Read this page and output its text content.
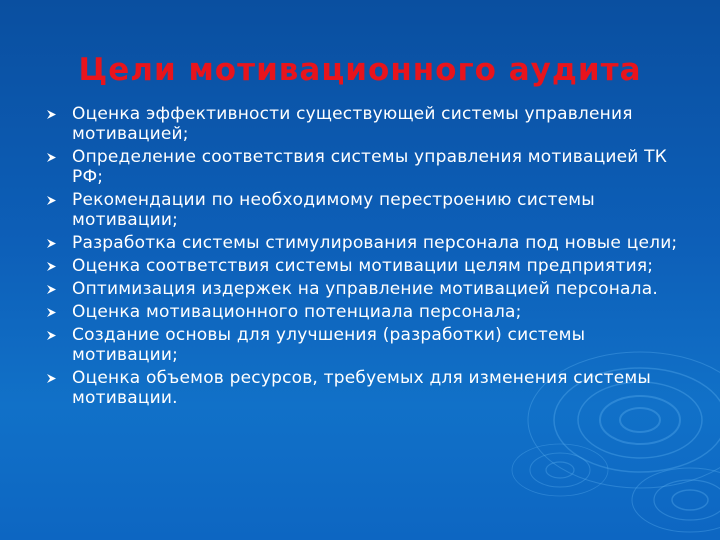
Цели мотивационного аудита
Оценка эффективности существующей системы управления мотивацией;
Определение соответствия системы управления мотивацией ТК РФ;
Рекомендации по необходимому перестроению системы мотивации;
Разработка системы стимулирования персонала под новые цели;
Оценка соответствия системы мотивации целям предприятия;
Оптимизация издержек на управление мотивацией персонала.
Оценка мотивационного потенциала персонала;
Создание основы для улучшения (разработки) системы мотивации;
Оценка объемов ресурсов, требуемых для изменения системы мотивации.
